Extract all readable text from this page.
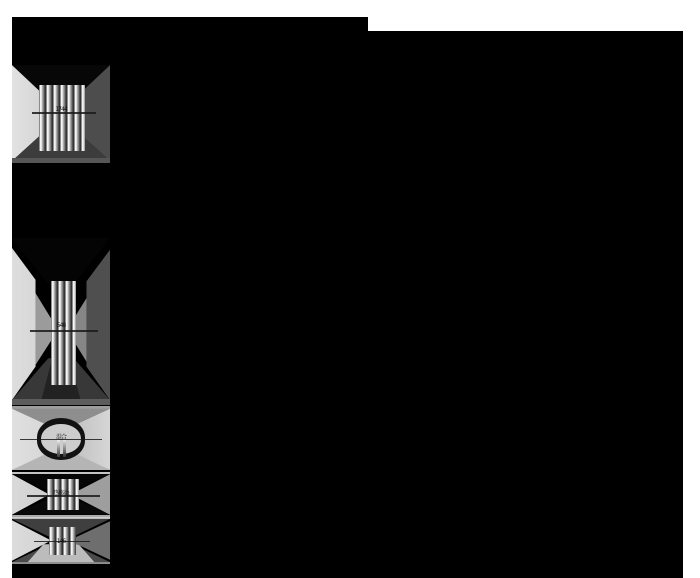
1744
548
混合
热移动:
146
